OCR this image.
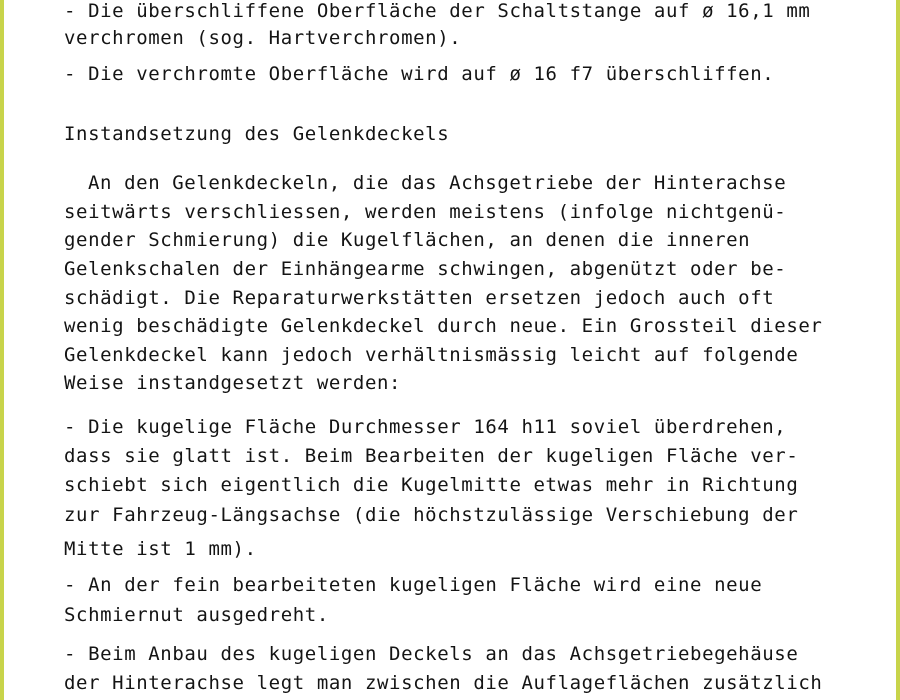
- Die überschliffene Oberfläche der Schaltstange auf ø 16,1 mm

verchromen (sog. Hartverchromen).

- Die verchromte Oberfläche wird auf ø 16 f7 überschliffen.

Instandsetzung des Gelenkdeckels

An den Gelenkdeckeln, die das Achsgetriebe der Hinterachse

seitwärts verschliessen, werden meistens (infolge nichtgenü-

gender Schmierung) die Kugelflächen, an denen die inneren

Gelenkschalen der Einhängearme schwingen, abgenützt oder be-

schädigt. Die Reparaturwerkstätten ersetzen jedoch auch oft

wenig beschädigte Gelenkdeckel durch neue. Ein Grossteil dieser

Gelenkdeckel kann jedoch verhältnismässig leicht auf folgende

Weise instandgesetzt werden:

- Die kugelige Fläche Durchmesser 164 h11 soviel überdrehen,

dass sie glatt ist. Beim Bearbeiten der kugeligen Fläche ver-

schiebt sich eigentlich die Kugelmitte etwas mehr in Richtung

zur Fahrzeug-Längsachse (die höchstzulässige Verschiebung der

Mitte ist 1 mm).

- An der fein bearbeiteten kugeligen Fläche wird eine neue

Schmiernut ausgedreht.

- Beim Anbau des kugeligen Deckels an das Achsgetriebegehäuse

der Hinterachse legt man zwischen die Auflageflächen zusätzlich
